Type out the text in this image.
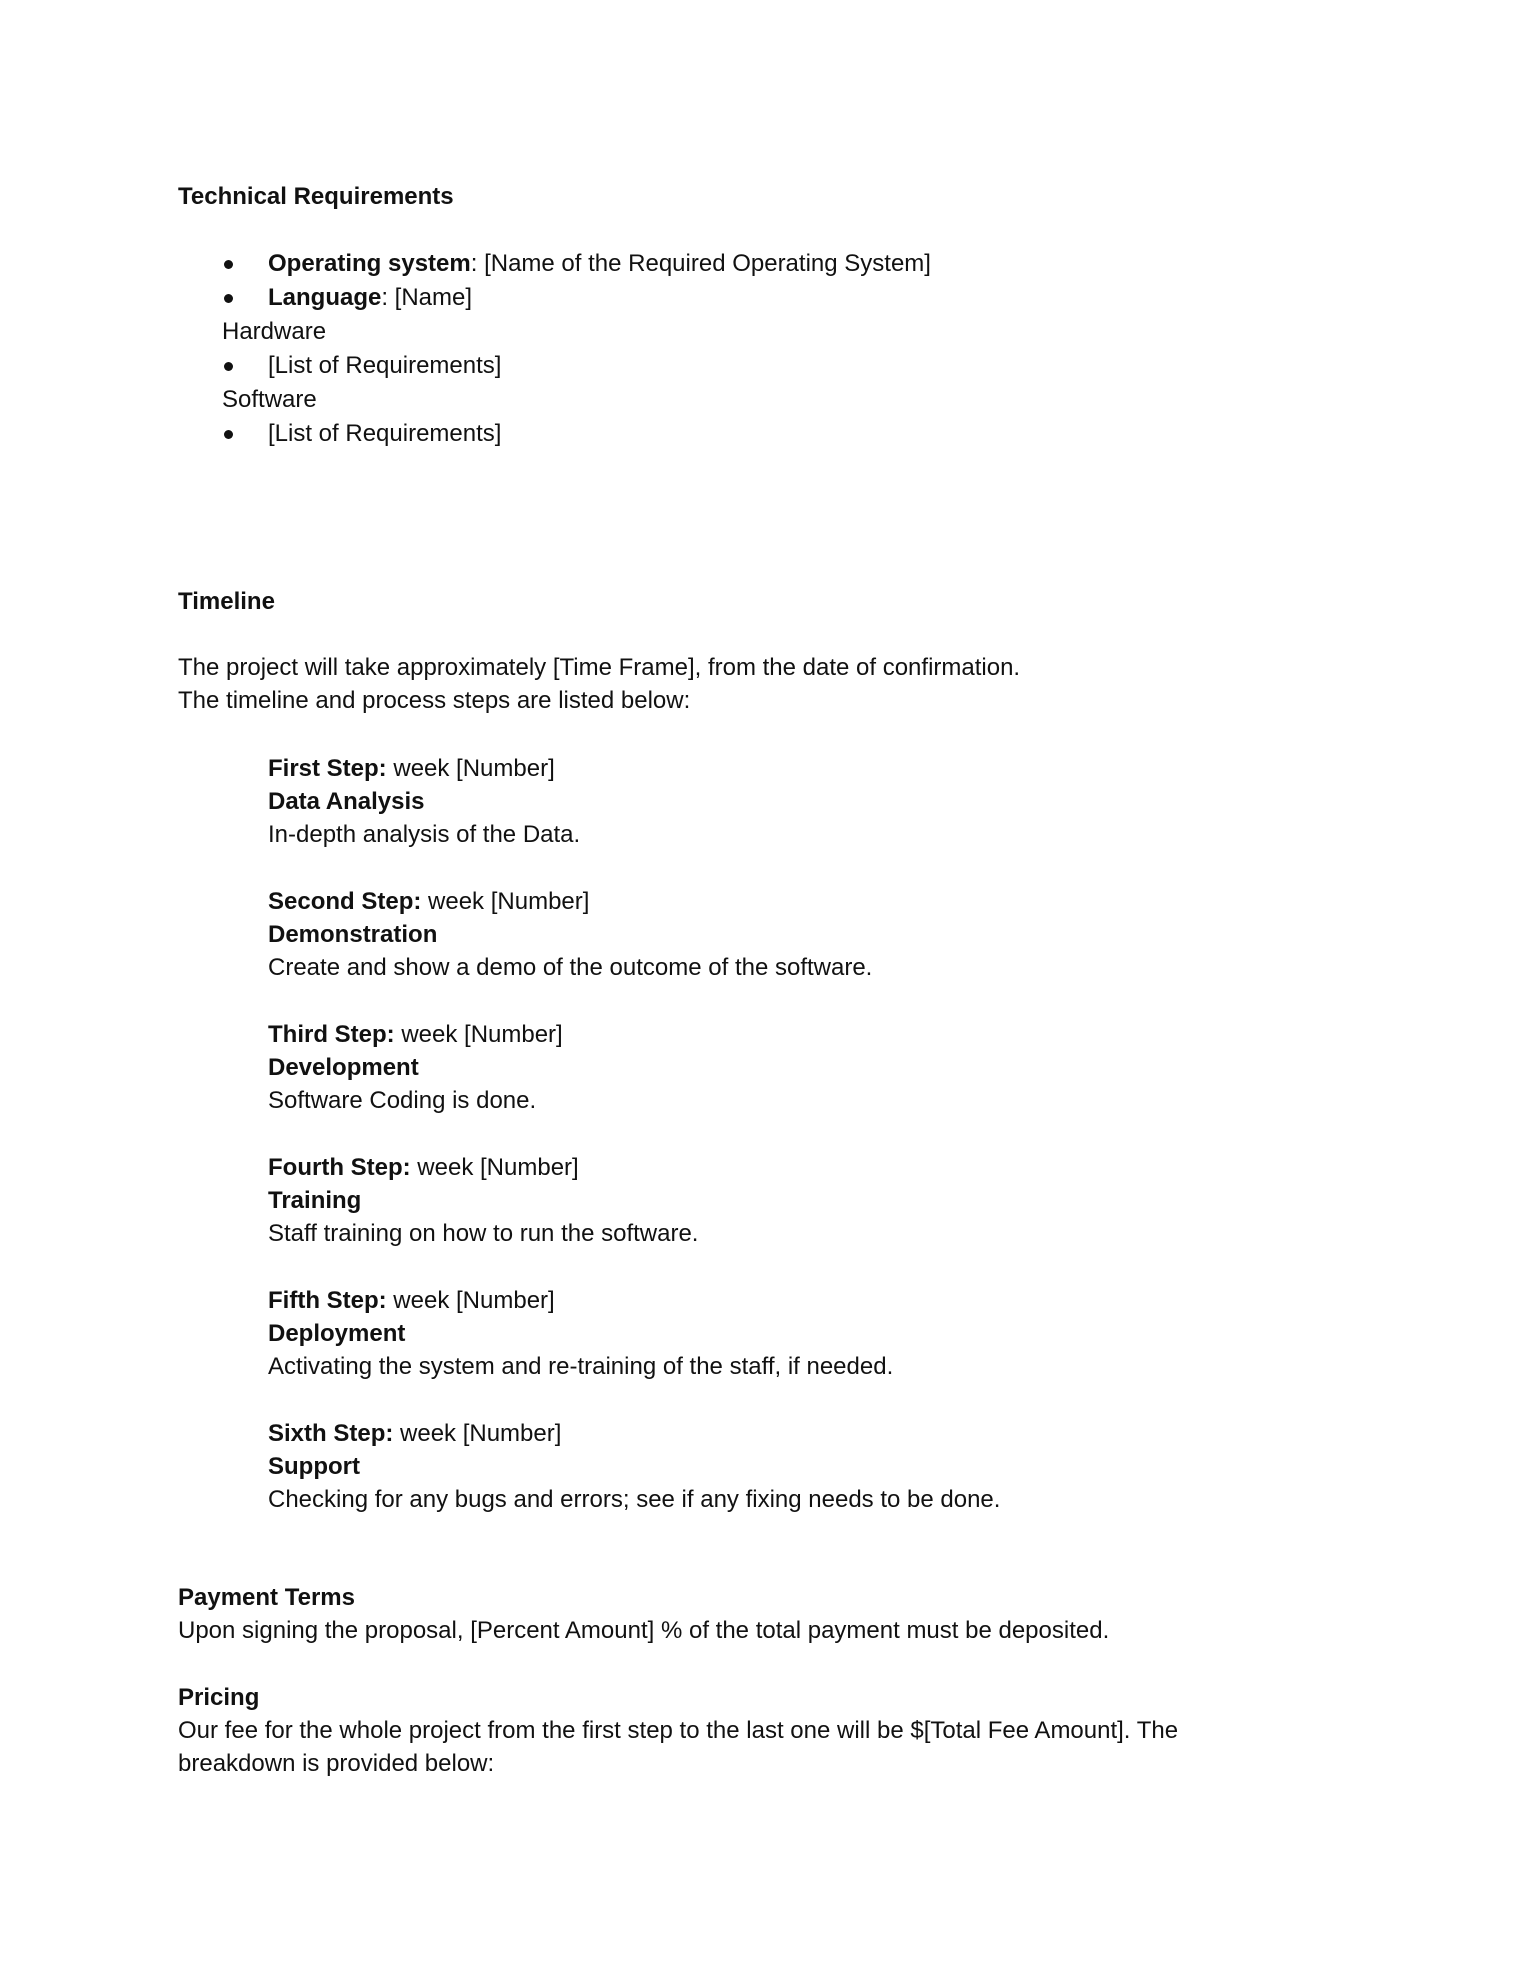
Technical Requirements
Operating system: [Name of the Required Operating System]
Language: [Name]
Hardware
[List of Requirements]
Software
[List of Requirements]
Timeline
The project will take approximately [Time Frame], from the date of confirmation.
The timeline and process steps are listed below:
First Step: week [Number]
Data Analysis
In-depth analysis of the Data.
Second Step: week [Number]
Demonstration
Create and show a demo of the outcome of the software.
Third Step: week [Number]
Development
Software Coding is done.
Fourth Step: week [Number]
Training
Staff training on how to run the software.
Fifth Step: week [Number]
Deployment
Activating the system and re-training of the staff, if needed.
Sixth Step: week [Number]
Support
Checking for any bugs and errors; see if any fixing needs to be done.
Payment Terms
Upon signing the proposal, [Percent Amount] % of the total payment must be deposited.
Pricing
Our fee for the whole project from the first step to the last one will be $[Total Fee Amount]. The
breakdown is provided below:
